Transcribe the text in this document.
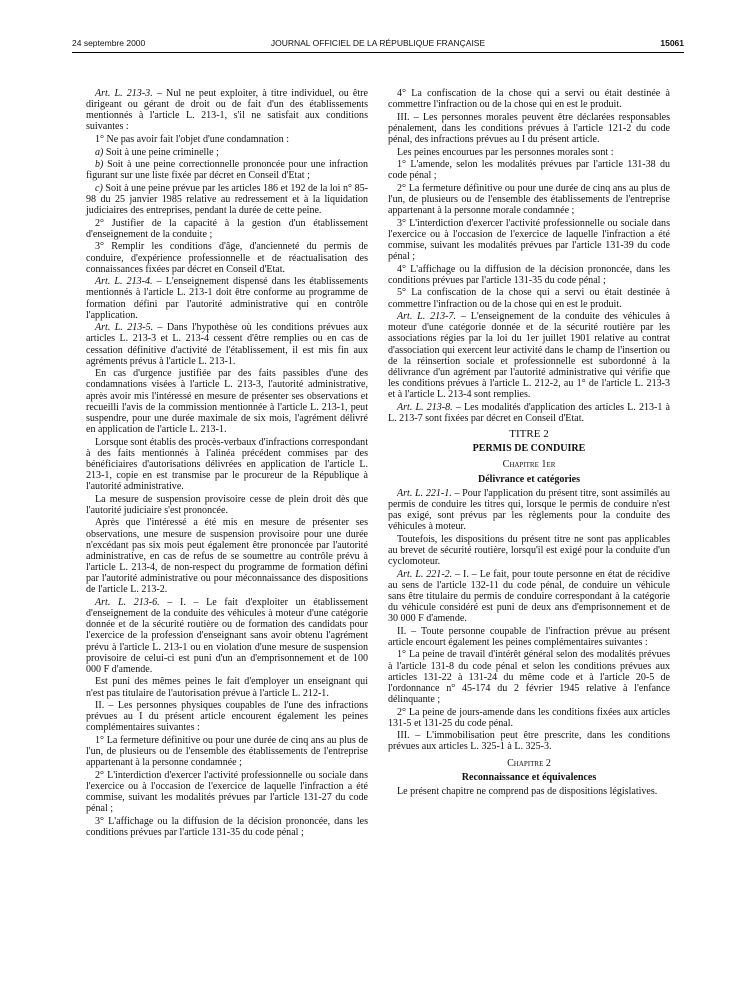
24 septembre 2000	JOURNAL OFFICIEL DE LA RÉPUBLIQUE FRANÇAISE	15061

Art. L. 213-3. – Nul ne peut exploiter, à titre individuel, ou être dirigeant ou gérant de droit ou de fait d'un des établissements mentionnés à l'article L. 213-1, s'il ne satisfait aux conditions suivantes :

1° Ne pas avoir fait l'objet d'une condamnation :

a) Soit à une peine criminelle ;

b) Soit à une peine correctionnelle prononcée pour une infraction figurant sur une liste fixée par décret en Conseil d'Etat ;

c) Soit à une peine prévue par les articles 186 et 192 de la loi n° 85-98 du 25 janvier 1985 relative au redressement et à la liquidation judiciaires des entreprises, pendant la durée de cette peine.

2° Justifier de la capacité à la gestion d'un établissement d'enseignement de la conduite ;

3° Remplir les conditions d'âge, d'ancienneté du permis de conduire, d'expérience professionnelle et de réactualisation des connaissances fixées par décret en Conseil d'Etat.

Art. L. 213-4. – L'enseignement dispensé dans les établissements mentionnés à l'article L. 213-1 doit être conforme au programme de formation défini par l'autorité administrative qui en contrôle l'application.

Art. L. 213-5. – Dans l'hypothèse où les conditions prévues aux articles L. 213-3 et L. 213-4 cessent d'être remplies ou en cas de cessation définitive d'activité de l'établissement, il est mis fin aux agréments prévus à l'article L. 213-1.

En cas d'urgence justifiée par des faits passibles d'une des condamnations visées à l'article L. 213-3, l'autorité administrative, après avoir mis l'intéressé en mesure de présenter ses observations et recueilli l'avis de la commission mentionnée à l'article L. 213-1, peut suspendre, pour une durée maximale de six mois, l'agrément délivré en application de l'article L. 213-1.

Lorsque sont établis des procès-verbaux d'infractions correspondant à des faits mentionnés à l'alinéa précédent commises par des bénéficiaires d'autorisations délivrées en application de l'article L. 213-1, copie en est transmise par le procureur de la République à l'autorité administrative.

La mesure de suspension provisoire cesse de plein droit dès que l'autorité judiciaire s'est prononcée.

Après que l'intéressé a été mis en mesure de présenter ses observations, une mesure de suspension provisoire pour une durée n'excédant pas six mois peut également être prononcée par l'autorité administrative, en cas de refus de se soumettre au contrôle prévu à l'article L. 213-4, de non-respect du programme de formation défini par l'autorité administrative ou pour méconnaissance des dispositions de l'article L. 213-2.

Art. L. 213-6. – I. – Le fait d'exploiter un établissement d'enseignement de la conduite des véhicules à moteur d'une catégorie donnée et de la sécurité routière ou de formation des candidats pour l'exercice de la profession d'enseignant sans avoir obtenu l'agrément prévu à l'article L. 213-1 ou en violation d'une mesure de suspension provisoire de celui-ci est puni d'un an d'emprisonnement et de 100 000 F d'amende.

Est puni des mêmes peines le fait d'employer un enseignant qui n'est pas titulaire de l'autorisation prévue à l'article L. 212-1.

II. – Les personnes physiques coupables de l'une des infractions prévues au I du présent article encourent également les peines complémentaires suivantes :

1° La fermeture définitive ou pour une durée de cinq ans au plus de l'un, de plusieurs ou de l'ensemble des établissements de l'entreprise appartenant à la personne condamnée ;

2° L'interdiction d'exercer l'activité professionnelle ou sociale dans l'exercice ou à l'occasion de l'exercice de laquelle l'infraction a été commise, suivant les modalités prévues par l'article 131-27 du code pénal ;

3° L'affichage ou la diffusion de la décision prononcée, dans les conditions prévues par l'article 131-35 du code pénal ;

4° La confiscation de la chose qui a servi ou était destinée à commettre l'infraction ou de la chose qui en est le produit.

III. – Les personnes morales peuvent être déclarées responsables pénalement, dans les conditions prévues à l'article 121-2 du code pénal, des infractions prévues au I du présent article.

Les peines encourues par les personnes morales sont :

1° L'amende, selon les modalités prévues par l'article 131-38 du code pénal ;

2° La fermeture définitive ou pour une durée de cinq ans au plus de l'un, de plusieurs ou de l'ensemble des établissements de l'entreprise appartenant à la personne morale condamnée ;

3° L'interdiction d'exercer l'activité professionnelle ou sociale dans l'exercice ou à l'occasion de l'exercice de laquelle l'infraction a été commise, suivant les modalités prévues par l'article 131-39 du code pénal ;

4° L'affichage ou la diffusion de la décision prononcée, dans les conditions prévues par l'article 131-35 du code pénal ;

5° La confiscation de la chose qui a servi ou était destinée à commettre l'infraction ou de la chose qui en est le produit.

Art. L. 213-7. – L'enseignement de la conduite des véhicules à moteur d'une catégorie donnée et de la sécurité routière par les associations régies par la loi du 1er juillet 1901 relative au contrat d'association qui exercent leur activité dans le champ de l'insertion ou de la réinsertion sociale et professionnelle est subordonné à la délivrance d'un agrément par l'autorité administrative qui vérifie que les conditions prévues à l'article L. 212-2, au 1° de l'article L. 213-3 et à l'article L. 213-4 sont remplies.

Art. L. 213-8. – Les modalités d'application des articles L. 213-1 à L. 213-7 sont fixées par décret en Conseil d'Etat.

TITRE 2

PERMIS DE CONDUIRE

Chapitre 1er

Délivrance et catégories

Art. L. 221-1. – Pour l'application du présent titre, sont assimilés au permis de conduire les titres qui, lorsque le permis de conduire n'est pas exigé, sont prévus par les règlements pour la conduite des véhicules à moteur.

Toutefois, les dispositions du présent titre ne sont pas applicables au brevet de sécurité routière, lorsqu'il est exigé pour la conduite d'un cyclomoteur.

Art. L. 221-2. – I. – Le fait, pour toute personne en état de récidive au sens de l'article 132-11 du code pénal, de conduire un véhicule sans être titulaire du permis de conduire correspondant à la catégorie du véhicule considéré est puni de deux ans d'emprisonnement et de 30 000 F d'amende.

II. – Toute personne coupable de l'infraction prévue au présent article encourt également les peines complémentaires suivantes :

1° La peine de travail d'intérêt général selon des modalités prévues à l'article 131-8 du code pénal et selon les conditions prévues aux articles 131-22 à 131-24 du même code et à l'article 20-5 de l'ordonnance n° 45-174 du 2 février 1945 relative à l'enfance délinquante ;

2° La peine de jours-amende dans les conditions fixées aux articles 131-5 et 131-25 du code pénal.

III. – L'immobilisation peut être prescrite, dans les conditions prévues aux articles L. 325-1 à L. 325-3.

Chapitre 2

Reconnaissance et équivalences

Le présent chapitre ne comprend pas de dispositions législatives.
